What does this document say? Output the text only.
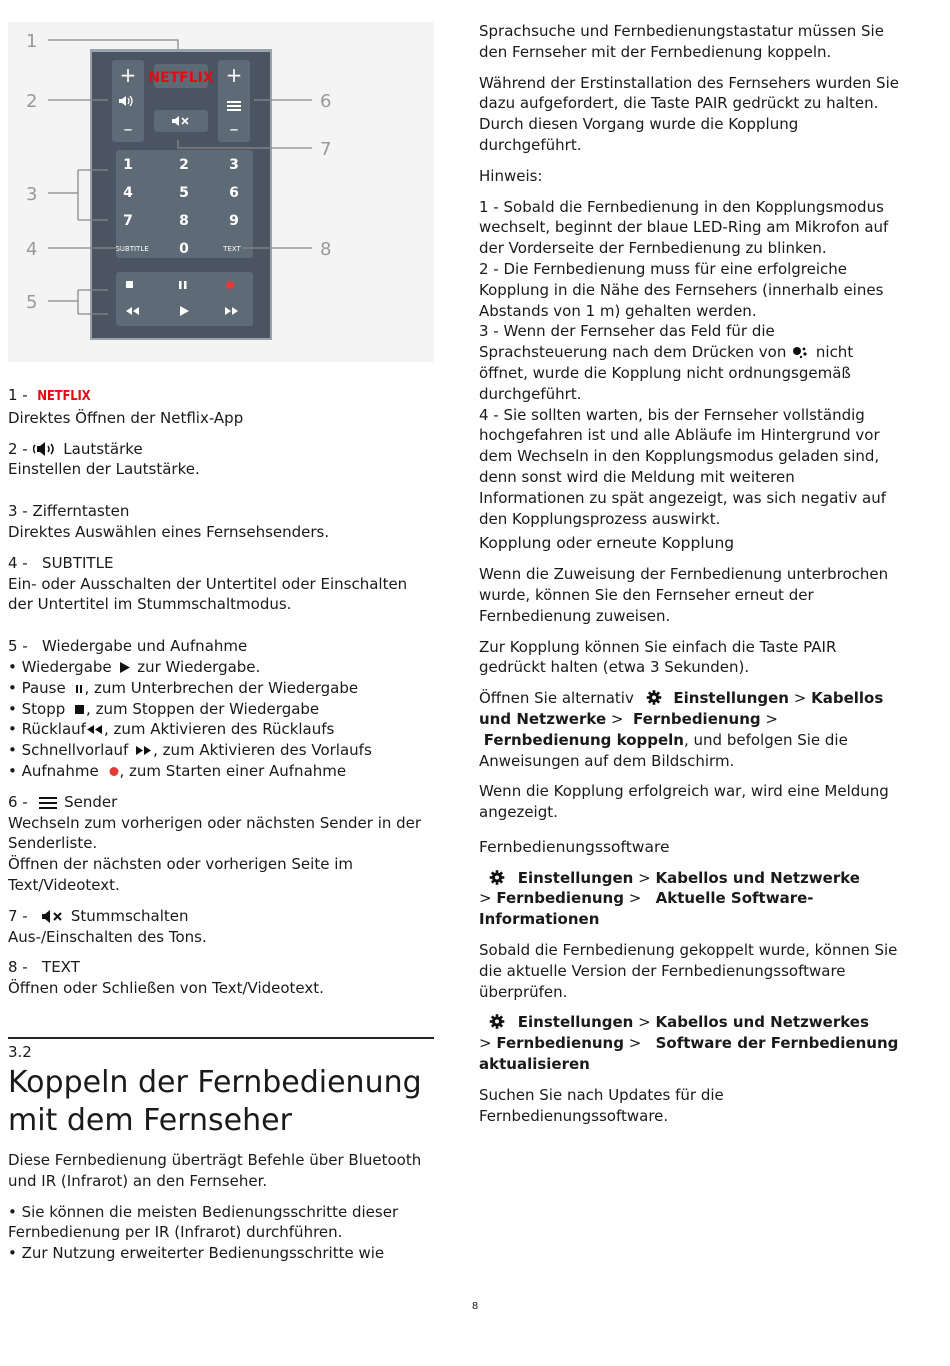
+
–
+
–
NETFLIX
1	2	3
4	5	6
7	8	9
0
SUBTITLE	TEXT
1
2
3
4
5
6
7
8

1 - NETFLIX

Direktes Öffnen der Netflix-App

2 - Lautstärke

Einstellen der Lautstärke.

3 - Zifferntasten

Direktes Auswählen eines Fernsehsenders.

4 - SUBTITLE

Ein- oder Ausschalten der Untertitel oder Einschalten der Untertitel im Stummschaltmodus.

5 - Wiedergabe und Aufnahme

• Wiedergabe zur Wiedergabe.

• Pause , zum Unterbrechen der Wiedergabe

• Stopp , zum Stoppen der Wiedergabe

• Rücklauf , zum Aktivieren des Rücklaufs

• Schnellvorlauf , zum Aktivieren des Vorlaufs

• Aufnahme , zum Starten einer Aufnahme

6 - Sender

Wechseln zum vorherigen oder nächsten Sender in der Senderliste.

Öffnen der nächsten oder vorherigen Seite im Text/Videotext.

7 -	Stummschalten

Aus-/Einschalten des Tons.

8 - TEXT

Öffnen oder Schließen von Text/Videotext.

3.2
Koppeln der Fernbedienung mit dem Fernseher

Diese Fernbedienung überträgt Befehle über Bluetooth und IR (Infrarot) an den Fernseher.

• Sie können die meisten Bedienungsschritte dieser Fernbedienung per IR (Infrarot) durchführen.

• Zur Nutzung erweiterter Bedienungsschritte wie

Sprachsuche und Fernbedienungstastatur müssen Sie den Fernseher mit der Fernbedienung koppeln.

Während der Erstinstallation des Fernsehers wurden Sie dazu aufgefordert, die Taste PAIR gedrückt zu halten. Durch diesen Vorgang wurde die Kopplung durchgeführt.

Hinweis:

1 - Sobald die Fernbedienung in den Kopplungsmodus wechselt, beginnt der blaue LED-Ring am Mikrofon auf der Vorderseite der Fernbedienung zu blinken.

2 - Die Fernbedienung muss für eine erfolgreiche Kopplung in die Nähe des Fernsehers (innerhalb eines Abstands von 1 m) gehalten werden.

3 - Wenn der Fernseher das Feld für die Sprachsteuerung nach dem Drücken von nicht öffnet, wurde die Kopplung nicht ordnungsgemäß durchgeführt.

4 - Sie sollten warten, bis der Fernseher vollständig hochgefahren ist und alle Abläufe im Hintergrund vor dem Wechseln in den Kopplungsmodus geladen sind, denn sonst wird die Meldung mit weiteren Informationen zu spät angezeigt, was sich negativ auf den Kopplungsprozess auswirkt.

Kopplung oder erneute Kopplung

Wenn die Zuweisung der Fernbedienung unterbrochen wurde, können Sie den Fernseher erneut der Fernbedienung zuweisen.

Zur Kopplung können Sie einfach die Taste PAIR gedrückt halten (etwa 3 Sekunden).

Öffnen Sie alternativ	Einstellungen > Kabellos und Netzwerke >  Fernbedienung >  Fernbedienung koppeln, und befolgen Sie die Anweisungen auf dem Bildschirm.

Wenn die Kopplung erfolgreich war, wird eine Meldung angezeigt.

Fernbedienungssoftware

Einstellungen > Kabellos und Netzwerke
> Fernbedienung >   Aktuelle Software-Informationen

Sobald die Fernbedienung gekoppelt wurde, können Sie die aktuelle Version der Fernbedienungssoftware überprüfen.

Einstellungen > Kabellos und Netzwerkes
> Fernbedienung >   Software der Fernbedienung aktualisieren

Suchen Sie nach Updates für die Fernbedienungssoftware.

8
